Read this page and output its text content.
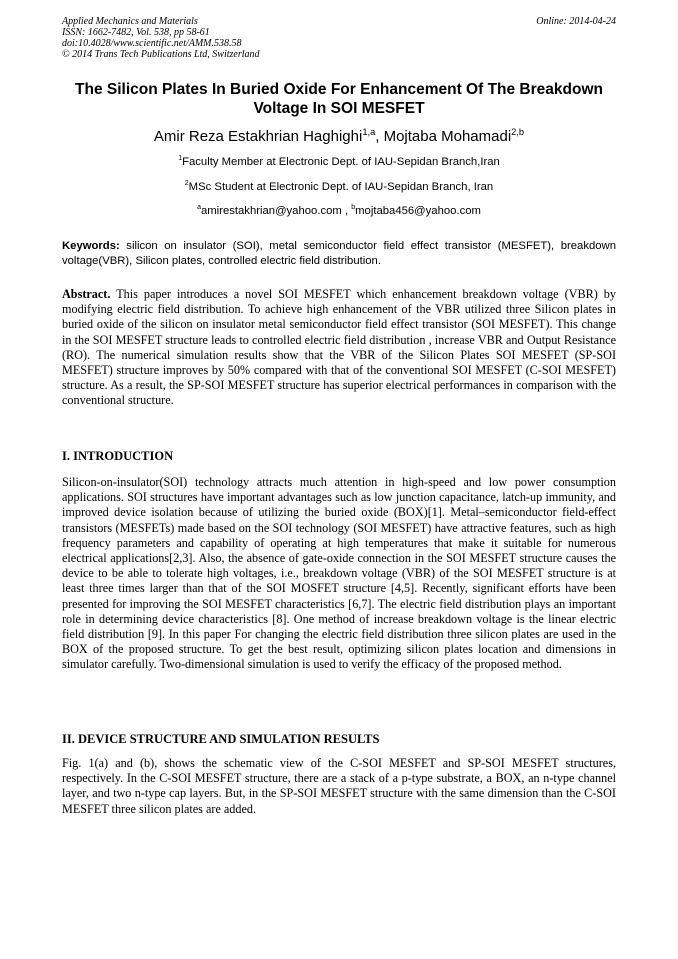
Applied Mechanics and Materials
ISSN: 1662-7482, Vol. 538, pp 58-61
doi:10.4028/www.scientific.net/AMM.538.58
© 2014 Trans Tech Publications Ltd, Switzerland
Online: 2014-04-24
The Silicon Plates In Buried Oxide For Enhancement Of The Breakdown Voltage In SOI MESFET
Amir Reza Estakhrian Haghighi$^{1,a}$, Mojtaba Mohamadi$^{2,b}$
$^1$Faculty Member at Electronic Dept. of IAU-Sepidan Branch,Iran
$^2$MSc Student at Electronic Dept. of IAU-Sepidan Branch, Iran
$^a$amirestakhrian@yahoo.com , $^b$mojtaba456@yahoo.com
Keywords: silicon on insulator (SOI), metal semiconductor field effect transistor (MESFET), breakdown voltage(VBR), Silicon plates, controlled electric field distribution.
Abstract. This paper introduces a novel SOI MESFET which enhancement breakdown voltage (VBR) by modifying electric field distribution. To achieve high enhancement of the VBR utilized three Silicon plates in buried oxide of the silicon on insulator metal semiconductor field effect transistor (SOI MESFET). This change in the SOI MESFET structure leads to controlled electric field distribution , increase VBR and Output Resistance (RO). The numerical simulation results show that the VBR of the Silicon Plates SOI MESFET (SP-SOI MESFET) structure improves by 50% compared with that of the conventional SOI MESFET (C-SOI MESFET) structure. As a result, the SP-SOI MESFET structure has superior electrical performances in comparison with the conventional structure.
I. INTRODUCTION
Silicon-on-insulator(SOI) technology attracts much attention in high-speed and low power consumption applications. SOI structures have important advantages such as low junction capacitance, latch-up immunity, and improved device isolation because of utilizing the buried oxide (BOX)[1]. Metal–semiconductor field-effect transistors (MESFETs) made based on the SOI technology (SOI MESFET) have attractive features, such as high frequency parameters and capability of operating at high temperatures that make it suitable for numerous electrical applications[2,3]. Also, the absence of gate-oxide connection in the SOI MESFET structure causes the device to be able to tolerate high voltages, i.e., breakdown voltage (VBR) of the SOI MESFET structure is at least three times larger than that of the SOI MOSFET structure [4,5]. Recently, significant efforts have been presented for improving the SOI MESFET characteristics [6,7]. The electric field distribution plays an important role in determining device characteristics [8]. One method of increase breakdown voltage is the linear electric field distribution [9]. In this paper For changing the electric field distribution three silicon plates are used in the BOX of the proposed structure. To get the best result, optimizing silicon plates location and dimensions in simulator carefully. Two-dimensional simulation is used to verify the efficacy of the proposed method.
II. DEVICE STRUCTURE AND SIMULATION RESULTS
Fig. 1(a) and (b), shows the schematic view of the C-SOI MESFET and SP-SOI MESFET structures, respectively. In the C-SOI MESFET structure, there are a stack of a p-type substrate, a BOX, an n-type channel layer, and two n-type cap layers. But, in the SP-SOI MESFET structure with the same dimension than the C-SOI MESFET three silicon plates are added.
